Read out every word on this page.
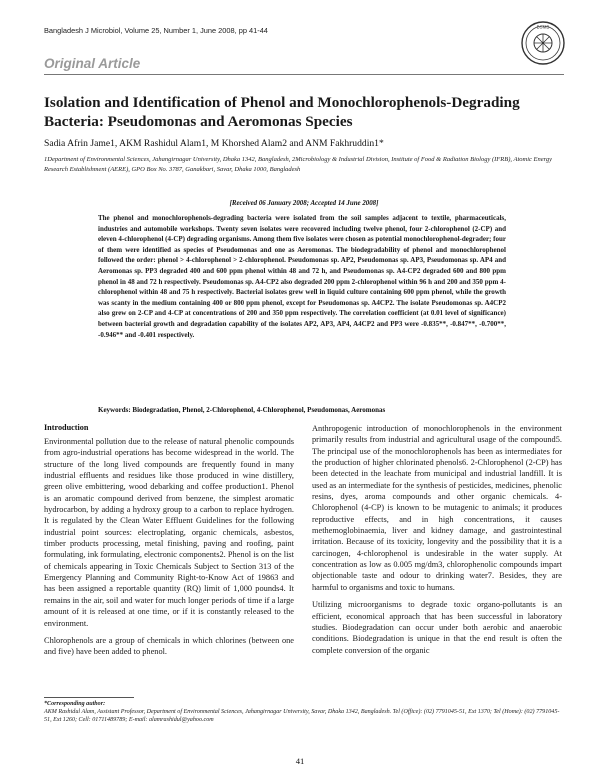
Bangladesh J Microbiol, Volume 25, Number 1, June 2008, pp 41-44	BSMB
Original Article
Isolation and Identification of Phenol and Monochlorophenols-Degrading Bacteria: Pseudomonas and Aeromonas Species
Sadia Afrin Jame1, AKM Rashidul Alam1, M Khorshed Alam2 and ANM Fakhruddin1*
1Department of Environmental Sciences, Jahangirnagar University, Dhaka 1342, Bangladesh, 2Microbiology & Industrial Division, Institute of Food & Radiation Biology (IFRB), Atomic Energy Research Establishment (AERE), GPO Box No. 3787, Ganakbari, Savar, Dhaka 1000, Bangladesh
[Received 06 January 2008; Accepted 14 June 2008]

The phenol and monochlorophenols-degrading bacteria were isolated from the soil samples adjacent to textile, pharmaceuticals, industries and automobile workshops. Twenty seven isolates were recovered including twelve phenol, four 2-chlorophenol (2-CP) and eleven 4-chlorophenol (4-CP) degrading organisms. Among them five isolates were chosen as potential monochlorophenol-degrader; four of them were identified as species of Pseudomonas and one as Aeromonas. The biodegradability of phenol and monochlorophenol followed the order: phenol > 4-chlorophenol > 2-chlorophenol. Pseudomonas sp. AP2, Pseudomonas sp. AP3, Pseudomonas sp. AP4 and Aeromonas sp. PP3 degraded 400 and 600 ppm phenol within 48 and 72 h, and Pseudomonas sp. A4-CP2 degraded 600 and 800 ppm phenol in 48 and 72 h respectively. Pseudomonas sp. A4-CP2 also degraded 200 ppm 2-chlorophenol within 96 h and 200 and 350 ppm 4-chlorophenol within 48 and 75 h respectively. Bacterial isolates grew well in liquid culture containing 600 ppm phenol, while the growth was scanty in the medium containing 400 or 800 ppm phenol, except for Pseudomonas sp. A4CP2. The isolate Pseudomonas sp. A4CP2 also grew on 2-CP and 4-CP at concentrations of 200 and 350 ppm respectively. The correlation coefficient (at 0.01 level of significance) between bacterial growth and degradation capability of the isolates AP2, AP3, AP4, A4CP2 and PP3 were -0.835**, -0.847**, -0.700**, -0.946** and -0.401 respectively.

Keywords: Biodegradation, Phenol, 2-Chlorophenol, 4-Chlorophenol, Pseudomonas, Aeromonas
Introduction

Environmental pollution due to the release of natural phenolic compounds from agro-industrial operations has become widespread in the world. The structure of the long lived compounds are frequently found in many industrial effluents and residues like those produced in wine distillery, green olive embittering, wood debarking and coffee production1. Phenol is an aromatic compound derived from benzene, the simplest aromatic hydrocarbon, by adding a hydroxy group to a carbon to replace hydrogen. It is regulated by the Clean Water Effluent Guidelines for the following industrial point sources: electroplating, organic chemicals, asbestos, timber products processing, metal finishing, paving and roofing, paint formulating, ink formulating, electronic components2. Phenol is on the list of chemicals appearing in Toxic Chemicals Subject to Section 313 of the Emergency Planning and Community Right-to-Know Act of 19863 and has been assigned a reportable quantity (RQ) limit of 1,000 pounds4. It remains in the air, soil and water for much longer periods of time if a large amount of it is released at one time, or if it is constantly released to the environment.

Chlorophenols are a group of chemicals in which chlorines (between one and five) have been added to phenol.

Anthropogenic introduction of monochlorophenols in the environment primarily results from industrial and agricultural usage of the compound5. The principal use of the monochlorophenols has been as intermediates for the production of higher chlorinated phenols6. 2-Chlorophenol (2-CP) has been detected in the leachate from municipal and industrial landfill. It is used as an intermediate for the synthesis of pesticides, medicines, phenolic resins, dyes, aroma compounds and other organic chemicals. 4-Chlorophenol (4-CP) is known to be mutagenic to animals; it produces reproductive effects, and in high concentrations, it causes methemoglobinaemia, liver and kidney damage, and gastrointestinal irritation. Because of its toxicity, longevity and the possibility that it is a carcinogen, 4-chlorophenol is undesirable in the water supply. At concentration as low as 0.005 mg/dm3, chlorophenolic compounds impart objectionable taste and odour to drinking water7. Besides, they are harmful to organisms and toxic to humans.

Utilizing microorganisms to degrade toxic organo-pollutants is an efficient, economical approach that has been successful in laboratory studies. Biodegradation can occur under both aerobic and anaerobic conditions. Biodegradation is unique in that the end result is often the complete conversion of the organic

*Corresponding author:
AKM Rashidul Alam, Assistant Professor, Department of Environmental Sciences, Jahangirnagar University, Savar, Dhaka 1342, Bangladesh. Tel (Office): (02) 7791045-51, Ext 1370; Tel (Home): (02) 7791045-51, Ext 1260; Cell: 01711489789; E-mail: alamrashidul@yahoo.com
41
